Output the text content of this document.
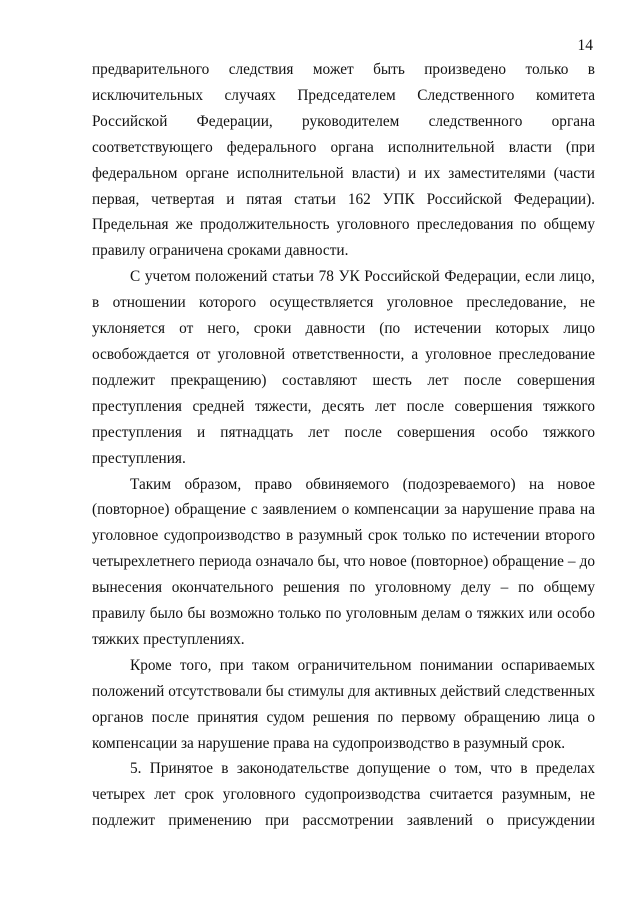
14

предварительного следствия может быть произведено только в исключительных случаях Председателем Следственного комитета Российской Федерации, руководителем следственного органа соответствующего федерального органа исполнительной власти (при федеральном органе исполнительной власти) и их заместителями (части первая, четвертая и пятая статьи 162 УПК Российской Федерации). Предельная же продолжительность уголовного преследования по общему правилу ограничена сроками давности.

С учетом положений статьи 78 УК Российской Федерации, если лицо, в отношении которого осуществляется уголовное преследование, не уклоняется от него, сроки давности (по истечении которых лицо освобождается от уголовной ответственности, а уголовное преследование подлежит прекращению) составляют шесть лет после совершения преступления средней тяжести, десять лет после совершения тяжкого преступления и пятнадцать лет после совершения особо тяжкого преступления.

Таким образом, право обвиняемого (подозреваемого) на новое (повторное) обращение с заявлением о компенсации за нарушение права на уголовное судопроизводство в разумный срок только по истечении второго четырехлетнего периода означало бы, что новое (повторное) обращение – до вынесения окончательного решения по уголовному делу – по общему правилу было бы возможно только по уголовным делам о тяжких или особо тяжких преступлениях.

Кроме того, при таком ограничительном понимании оспариваемых положений отсутствовали бы стимулы для активных действий следственных органов после принятия судом решения по первому обращению лица о компенсации за нарушение права на судопроизводство в разумный срок.

5. Принятое в законодательстве допущение о том, что в пределах четырех лет срок уголовного судопроизводства считается разумным, не подлежит применению при рассмотрении заявлений о присуждении
